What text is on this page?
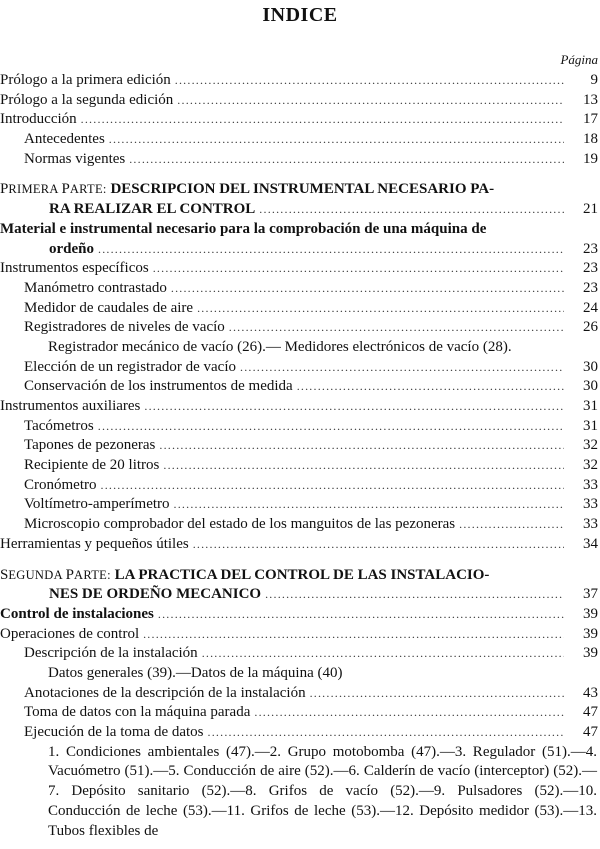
INDICE
Página
Prólogo a la primera edición .....	9
Prólogo a la segunda edición .....	13
Introducción .....	17
Antecedentes .....	18
Normas vigentes .....	19
PRIMERA PARTE: DESCRIPCION DEL INSTRUMENTAL NECESARIO PA-
RA REALIZAR EL CONTROL .....	21
Material e instrumental necesario para la comprobación de una máquina de
ordeño .....	23
Instrumentos específicos .....	23
Manómetro contrastado .....	23
Medidor de caudales de aire .....	24
Registradores de niveles de vacío .....	26
Registrador mecánico de vacío (26).— Medidores electrónicos de vacío (28).
Elección de un registrador de vacío .....	30
Conservación de los instrumentos de medida .....	30
Instrumentos auxiliares .....	31
Tacómetros .....	31
Tapones de pezoneras .....	32
Recipiente de 20 litros .....	32
Cronómetro .....	33
Voltímetro-amperímetro .....	33
Microscopio comprobador del estado de los manguitos de las pezoneras .....	33
Herramientas y pequeños útiles .....	34
SEGUNDA PARTE: LA PRACTICA DEL CONTROL DE LAS INSTALACIO-
NES DE ORDEÑO MECANICO .....	37
Control de instalaciones .....	39
Operaciones de control .....	39
Descripción de la instalación .....	39
Datos generales (39).—Datos de la máquina (40)
Anotaciones de la descripción de la instalación .....	43
Toma de datos con la máquina parada .....	47
Ejecución de la toma de datos .....	47
1. Condiciones ambientales (47).—2. Grupo motobomba (47).—3. Regulador (51).—4. Vacuómetro (51).—5. Conducción de aire (52).—6. Calderín de vacío (interceptor) (52).—7. Depósito sanitario (52).—8. Grifos de vacío (52).—9. Pulsadores (52).—10. Conducción de leche (53).—11. Grifos de leche (53).—12. Depósito medidor (53).—13. Tubos flexibles de
